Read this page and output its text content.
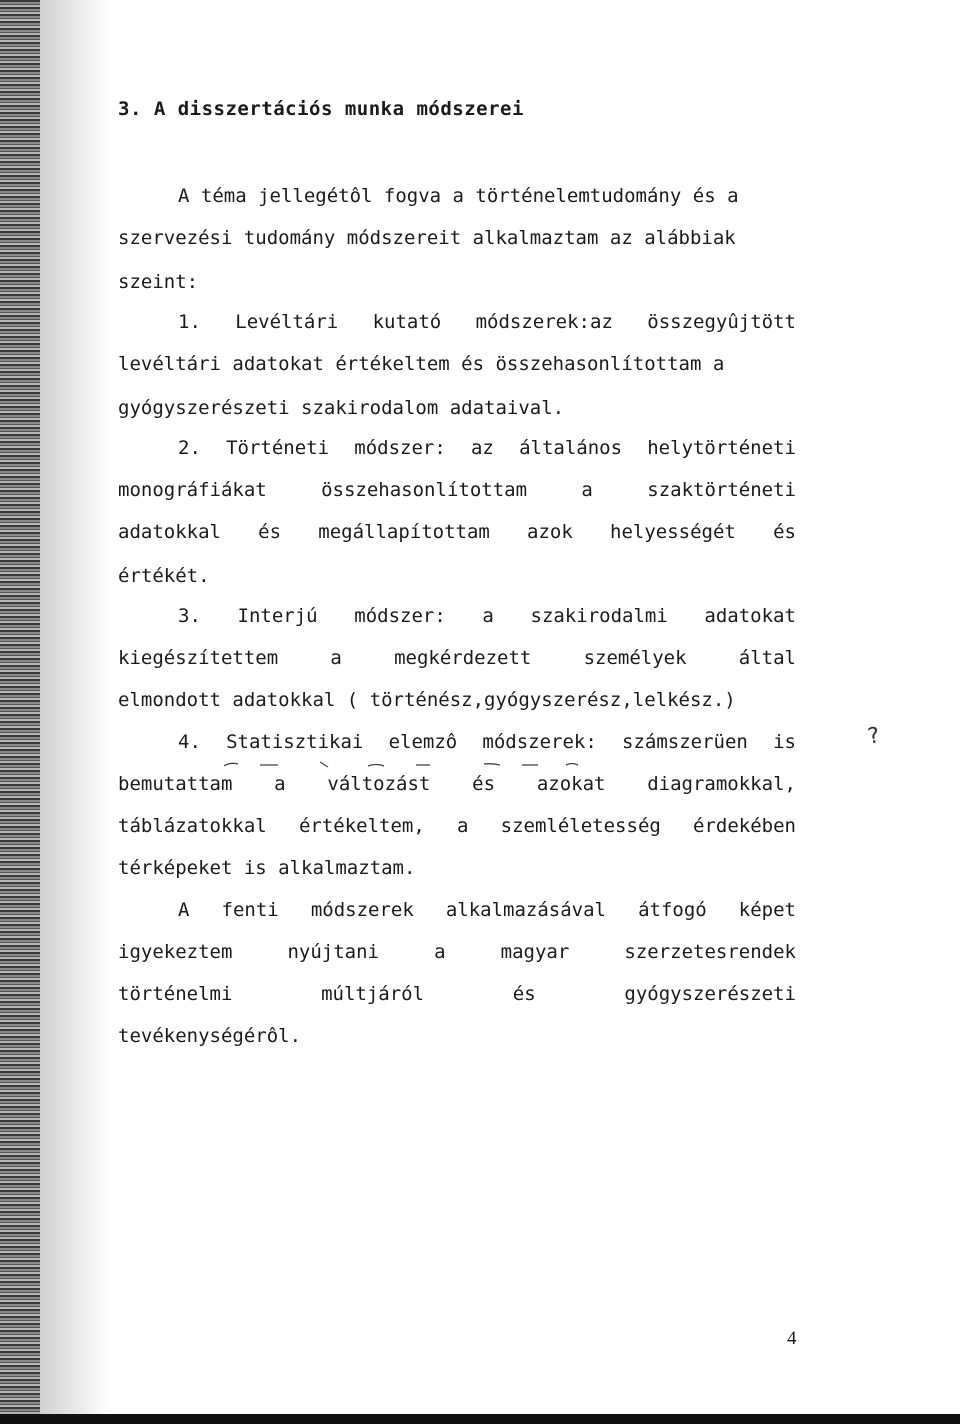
3. A disszertációs munka módszerei
A téma jellegétôl fogva a történelemtudomány és a
szervezési tudomány módszereit alkalmaztam az alábbiak
szeint:
1. Levéltári kutató módszerek:az összegyûjtött
levéltári adatokat értékeltem és összehasonlítottam a
gyógyszerészeti szakirodalom adataival.
2. Történeti módszer: az általános helytörténeti
monográfiákat	összehasonlítottam	a	szaktörténeti
adatokkal és megállapítottam azok helyességét és
értékét.
3. Interjú módszer: a szakirodalmi adatokat
kiegészítettem	a	megkérdezett	személyek	által
elmondott adatokkal ( történész,gyógyszerész,lelkész.)
4. Statisztikai elemzô módszerek: számszerüen is
bemutattam a változást és azokat diagramokkal,
táblázatokkal értékeltem, a szemléletesség érdekében
térképeket is alkalmaztam.
A fenti módszerek alkalmazásával átfogó képet
igyekeztem	nyújtani	a	magyar	szerzetesrendek
történelmi	múltjáról	és	gyógyszerészeti
tevékenységérôl.
?
4
